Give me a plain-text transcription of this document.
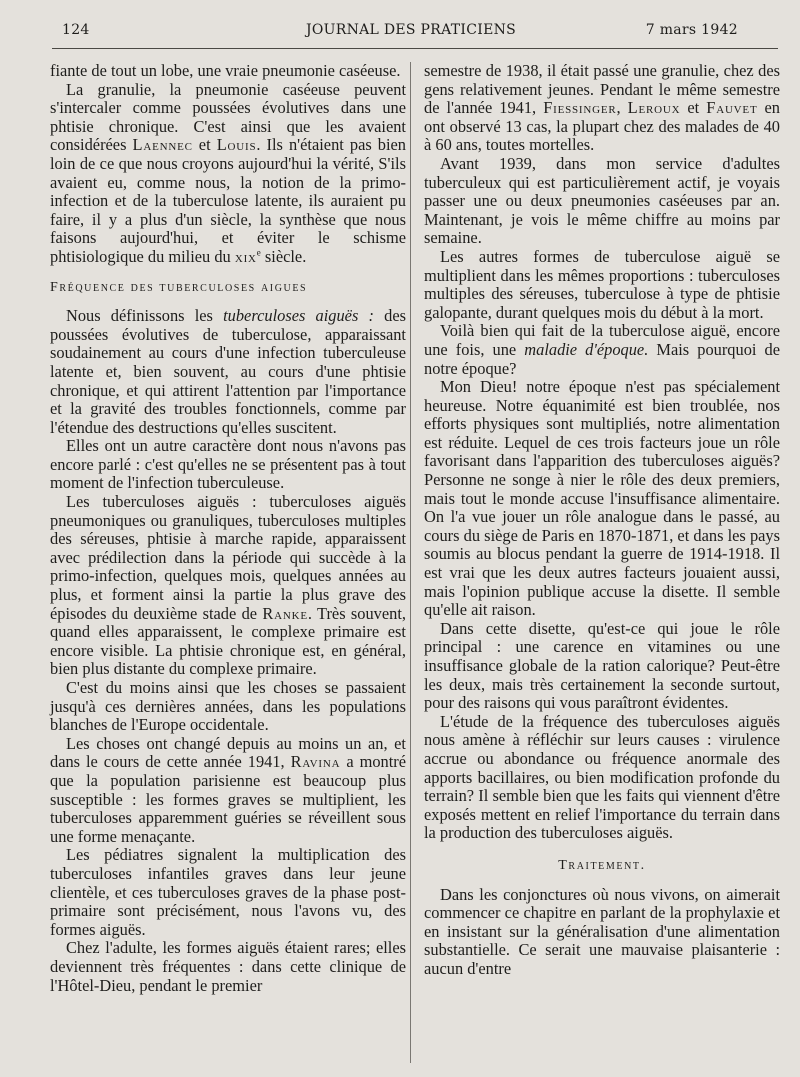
124	JOURNAL DES PRATICIENS	7 mars 1942

fiante de tout un lobe, une vraie pneumonie caséeuse.

La granulie, la pneumonie caséeuse peuvent s'intercaler comme poussées évolutives dans une phtisie chronique. C'est ainsi que les avaient considérées Laennec et Louis. Ils n'étaient pas bien loin de ce que nous croyons aujourd'hui la vérité, S'ils avaient eu, comme nous, la notion de la primo-infection et de la tuberculose latente, ils auraient pu faire, il y a plus d'un siècle, la synthèse que nous faisons aujourd'hui, et éviter le schisme phtisiologique du milieu du xix$^e$ siècle.

Fréquence des tuberculoses aigues

Nous définissons les tuberculoses aiguës : des poussées évolutives de tuberculose, apparaissant soudainement au cours d'une infection tuberculeuse latente et, bien souvent, au cours d'une phtisie chronique, et qui attirent l'attention par l'importance et la gravité des troubles fonctionnels, comme par l'étendue des destructions qu'elles suscitent.

Elles ont un autre caractère dont nous n'avons pas encore parlé : c'est qu'elles ne se présentent pas à tout moment de l'infection tuberculeuse.

Les tuberculoses aiguës : tuberculoses aiguës pneumoniques ou granuliques, tuberculoses multiples des séreuses, phtisie à marche rapide, apparaissent avec prédilection dans la période qui succède à la primo-infection, quelques mois, quelques années au plus, et forment ainsi la partie la plus grave des épisodes du deuxième stade de Ranke. Très souvent, quand elles apparaissent, le complexe primaire est encore visible. La phtisie chronique est, en général, bien plus distante du complexe primaire.

C'est du moins ainsi que les choses se passaient jusqu'à ces dernières années, dans les populations blanches de l'Europe occidentale.

Les choses ont changé depuis au moins un an, et dans le cours de cette année 1941, Ravina a montré que la population parisienne est beaucoup plus susceptible : les formes graves se multiplient, les tuberculoses apparemment guéries se réveillent sous une forme menaçante.

Les pédiatres signalent la multiplication des tuberculoses infantiles graves dans leur jeune clientèle, et ces tuberculoses graves de la phase post-primaire sont précisément, nous l'avons vu, des formes aiguës.

Chez l'adulte, les formes aiguës étaient rares; elles deviennent très fréquentes : dans cette clinique de l'Hôtel-Dieu, pendant le premier

semestre de 1938, il était passé une granulie, chez des gens relativement jeunes. Pendant le même semestre de l'année 1941, Fiessinger, Leroux et Fauvet en ont observé 13 cas, la plupart chez des malades de 40 à 60 ans, toutes mortelles.

Avant 1939, dans mon service d'adultes tuberculeux qui est particulièrement actif, je voyais passer une ou deux pneumonies caséeuses par an. Maintenant, je vois le même chiffre au moins par semaine.

Les autres formes de tuberculose aiguë se multiplient dans les mêmes proportions : tuberculoses multiples des séreuses, tuberculose à type de phtisie galopante, durant quelques mois du début à la mort.

Voilà bien qui fait de la tuberculose aiguë, encore une fois, une maladie d'époque. Mais pourquoi de notre époque?

Mon Dieu! notre époque n'est pas spécialement heureuse. Notre équanimité est bien troublée, nos efforts physiques sont multipliés, notre alimentation est réduite. Lequel de ces trois facteurs joue un rôle favorisant dans l'apparition des tuberculoses aiguës? Personne ne songe à nier le rôle des deux premiers, mais tout le monde accuse l'insuffisance alimentaire. On l'a vue jouer un rôle analogue dans le passé, au cours du siège de Paris en 1870-1871, et dans les pays soumis au blocus pendant la guerre de 1914-1918. Il est vrai que les deux autres facteurs jouaient aussi, mais l'opinion publique accuse la disette. Il semble qu'elle ait raison.

Dans cette disette, qu'est-ce qui joue le rôle principal : une carence en vitamines ou une insuffisance globale de la ration calorique? Peut-être les deux, mais très certainement la seconde surtout, pour des raisons qui vous paraîtront évidentes.

L'étude de la fréquence des tuberculoses aiguës nous amène à réfléchir sur leurs causes : virulence accrue ou abondance ou fréquence anormale des apports bacillaires, ou bien modification profonde du terrain? Il semble bien que les faits qui viennent d'être exposés mettent en relief l'importance du terrain dans la production des tuberculoses aiguës.

Traitement.

Dans les conjonctures où nous vivons, on aimerait commencer ce chapitre en parlant de la prophylaxie et en insistant sur la généralisation d'une alimentation substantielle. Ce serait une mauvaise plaisanterie : aucun d'entre
